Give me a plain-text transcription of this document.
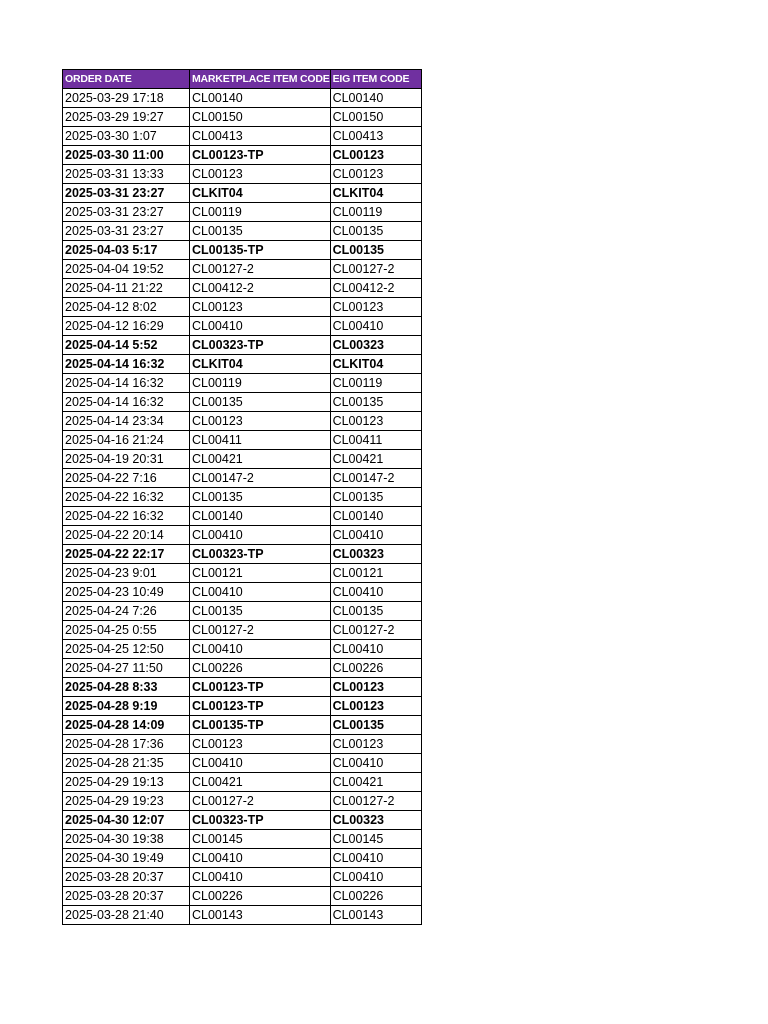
ORDER DATE	MARKETPLACE ITEM CODE	EIG ITEM CODE
2025-03-29 17:18	CL00140	CL00140
2025-03-29 19:27	CL00150	CL00150
2025-03-30 1:07	CL00413	CL00413
2025-03-30 11:00	CL00123-TP	CL00123
2025-03-31 13:33	CL00123	CL00123
2025-03-31 23:27	CLKIT04	CLKIT04
2025-03-31 23:27	CL00119	CL00119
2025-03-31 23:27	CL00135	CL00135
2025-04-03 5:17	CL00135-TP	CL00135
2025-04-04 19:52	CL00127-2	CL00127-2
2025-04-11 21:22	CL00412-2	CL00412-2
2025-04-12 8:02	CL00123	CL00123
2025-04-12 16:29	CL00410	CL00410
2025-04-14 5:52	CL00323-TP	CL00323
2025-04-14 16:32	CLKIT04	CLKIT04
2025-04-14 16:32	CL00119	CL00119
2025-04-14 16:32	CL00135	CL00135
2025-04-14 23:34	CL00123	CL00123
2025-04-16 21:24	CL00411	CL00411
2025-04-19 20:31	CL00421	CL00421
2025-04-22 7:16	CL00147-2	CL00147-2
2025-04-22 16:32	CL00135	CL00135
2025-04-22 16:32	CL00140	CL00140
2025-04-22 20:14	CL00410	CL00410
2025-04-22 22:17	CL00323-TP	CL00323
2025-04-23 9:01	CL00121	CL00121
2025-04-23 10:49	CL00410	CL00410
2025-04-24 7:26	CL00135	CL00135
2025-04-25 0:55	CL00127-2	CL00127-2
2025-04-25 12:50	CL00410	CL00410
2025-04-27 11:50	CL00226	CL00226
2025-04-28 8:33	CL00123-TP	CL00123
2025-04-28 9:19	CL00123-TP	CL00123
2025-04-28 14:09	CL00135-TP	CL00135
2025-04-28 17:36	CL00123	CL00123
2025-04-28 21:35	CL00410	CL00410
2025-04-29 19:13	CL00421	CL00421
2025-04-29 19:23	CL00127-2	CL00127-2
2025-04-30 12:07	CL00323-TP	CL00323
2025-04-30 19:38	CL00145	CL00145
2025-04-30 19:49	CL00410	CL00410
2025-03-28 20:37	CL00410	CL00410
2025-03-28 20:37	CL00226	CL00226
2025-03-28 21:40	CL00143	CL00143
